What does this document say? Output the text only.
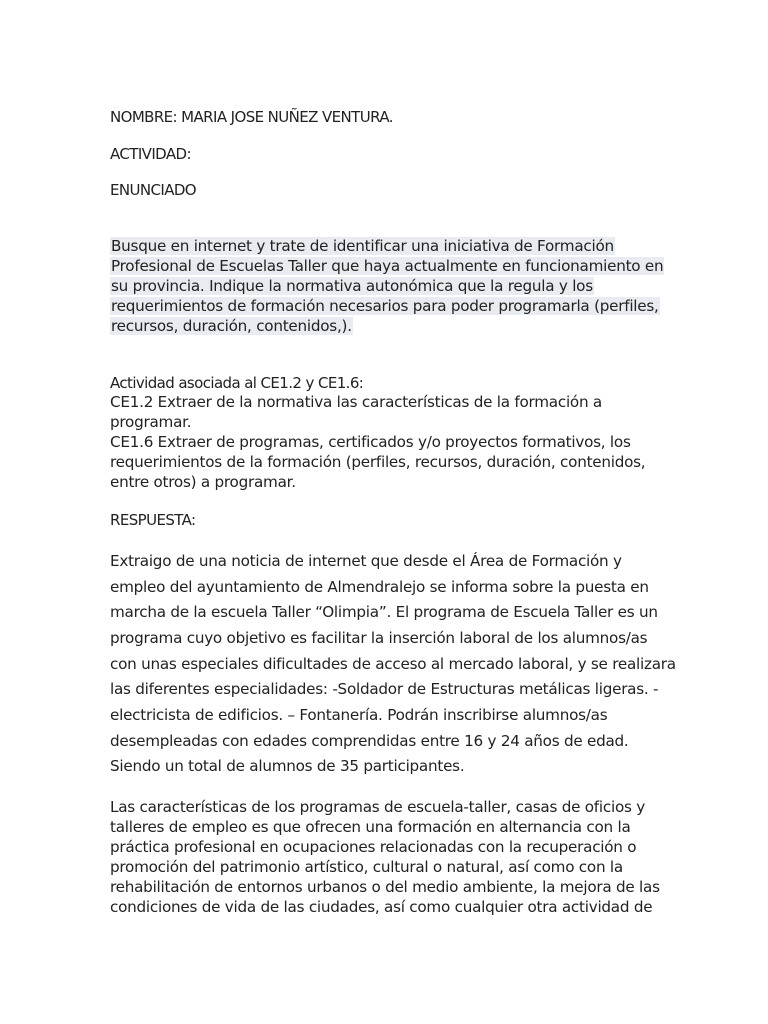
NOMBRE: MARIA JOSE NUÑEZ VENTURA.
ACTIVIDAD:
ENUNCIADO
Busque en internet y trate de identificar una iniciativa de Formación
Profesional de Escuelas Taller que haya actualmente en funcionamiento en
su provincia. Indique la normativa autonómica que la regula y los
requerimientos de formación necesarios para poder programarla (perfiles,
recursos, duración, contenidos,).
Actividad asociada al CE1.2 y CE1.6:
CE1.2 Extraer de la normativa las características de la formación a
programar.
CE1.6 Extraer de programas, certificados y/o proyectos formativos, los
requerimientos de la formación (perfiles, recursos, duración, contenidos,
entre otros) a programar.
RESPUESTA:
Extraigo de una noticia de internet que desde el Área de Formación y
empleo del ayuntamiento de Almendralejo se informa sobre la puesta en
marcha de la escuela Taller “Olimpia”. El programa de Escuela Taller es un
programa cuyo objetivo es facilitar la inserción laboral de los alumnos/as
con unas especiales dificultades de acceso al mercado laboral, y se realizara
las diferentes especialidades: -Soldador de Estructuras metálicas ligeras. -
electricista de edificios. – Fontanería. Podrán inscribirse alumnos/as
desempleadas con edades comprendidas entre 16 y 24 años de edad.
Siendo un total de alumnos de 35 participantes.
Las características de los programas de escuela-taller, casas de oficios y
talleres de empleo es que ofrecen una formación en alternancia con la
práctica profesional en ocupaciones relacionadas con la recuperación o
promoción del patrimonio artístico, cultural o natural, así como con la
rehabilitación de entornos urbanos o del medio ambiente, la mejora de las
condiciones de vida de las ciudades, así como cualquier otra actividad de
